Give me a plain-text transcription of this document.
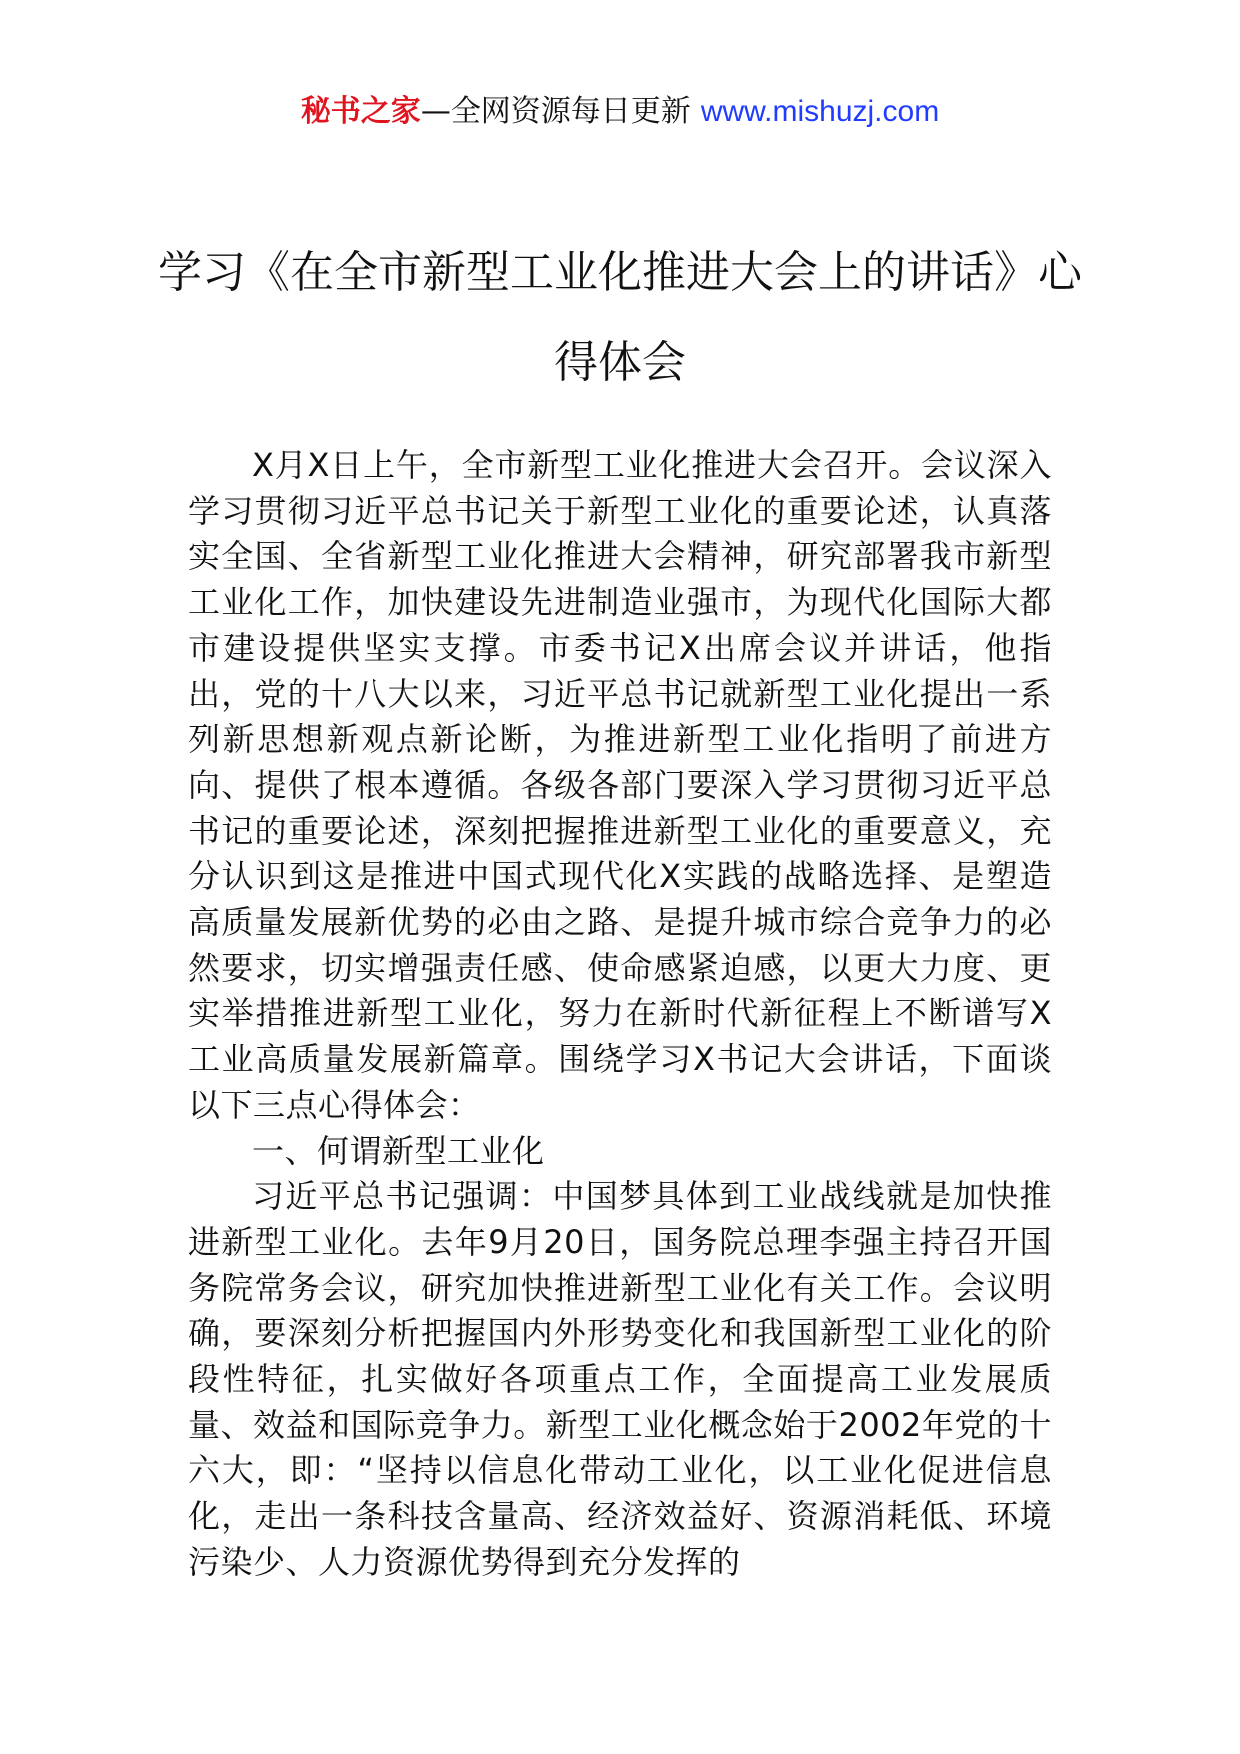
秘书之家—全网资源每日更新 www.mishuzj.com
学习《在全市新型工业化推进大会上的讲话》心得体会

X月X日上午，全市新型工业化推进大会召开。会议深入学习贯彻习近平总书记关于新型工业化的重要论述，认真落实全国、全省新型工业化推进大会精神，研究部署我市新型工业化工作，加快建设先进制造业强市，为现代化国际大都市建设提供坚实支撑。市委书记X出席会议并讲话，他指出，党的十八大以来，习近平总书记就新型工业化提出一系列新思想新观点新论断，为推进新型工业化指明了前进方向、提供了根本遵循。各级各部门要深入学习贯彻习近平总书记的重要论述，深刻把握推进新型工业化的重要意义，充分认识到这是推进中国式现代化X实践的战略选择、是塑造高质量发展新优势的必由之路、是提升城市综合竞争力的必然要求，切实增强责任感、使命感紧迫感，以更大力度、更实举措推进新型工业化，努力在新时代新征程上不断谱写X工业高质量发展新篇章。围绕学习X书记大会讲话，下面谈以下三点心得体会：

一、何谓新型工业化

习近平总书记强调：中国梦具体到工业战线就是加快推进新型工业化。去年9月20日，国务院总理李强主持召开国务院常务会议，研究加快推进新型工业化有关工作。会议明确，要深刻分析把握国内外形势变化和我国新型工业化的阶段性特征，扎实做好各项重点工作，全面提高工业发展质量、效益和国际竞争力。新型工业化概念始于2002年党的十六大，即：“坚持以信息化带动工业化，以工业化促进信息化，走出一条科技含量高、经济效益好、资源消耗低、环境污染少、人力资源优势得到充分发挥的
